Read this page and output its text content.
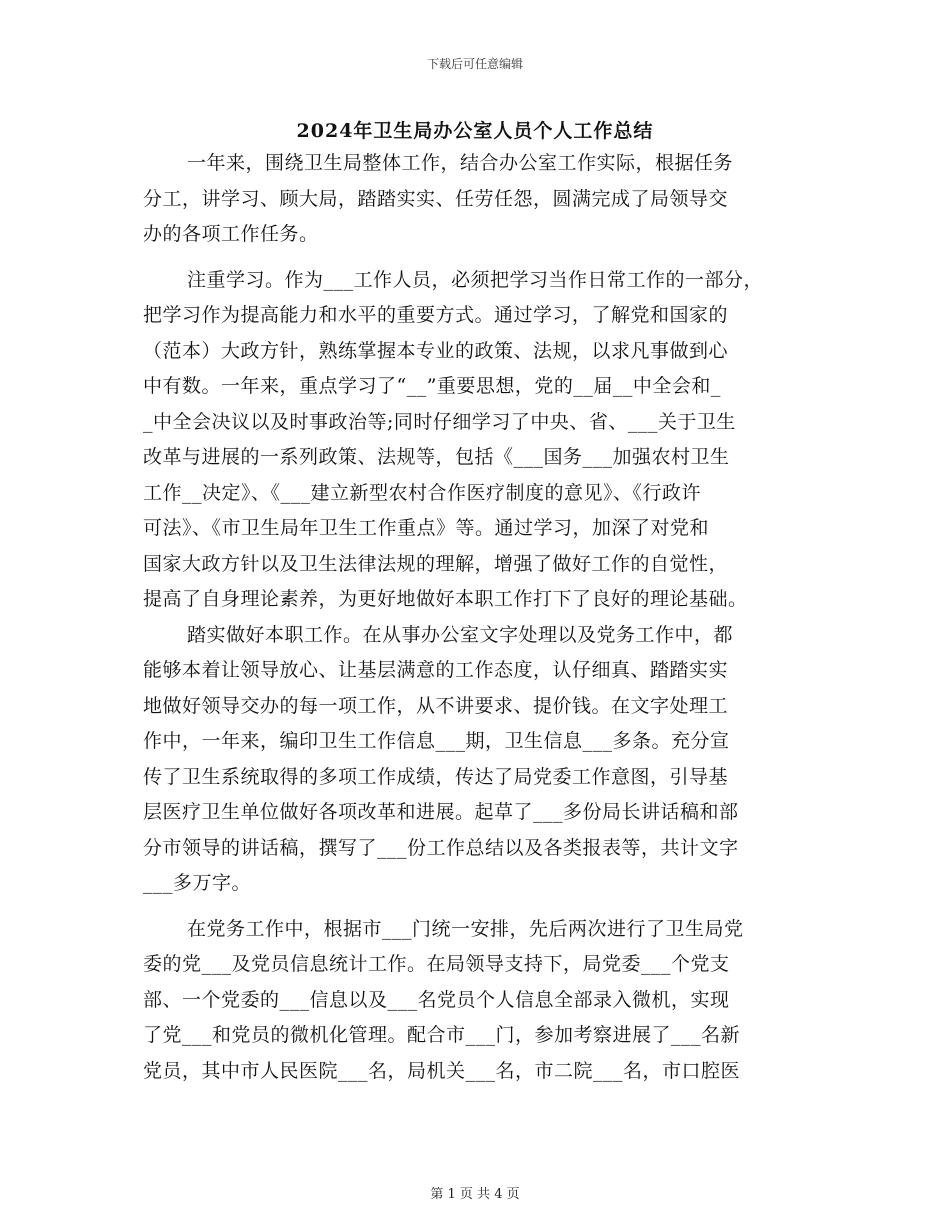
下载后可任意编辑
2024年卫生局办公室人员个人工作总结
一年来，围绕卫生局整体工作，结合办公室工作实际，根据任务
分工，讲学习、顾大局，踏踏实实、任劳任怨，圆满完成了局领导交
办的各项工作任务。
注重学习。作为___工作人员，必须把学习当作日常工作的一部分，
把学习作为提高能力和水平的重要方式。通过学习，了解党和国家的
（范本）大政方针，熟练掌握本专业的政策、法规，以求凡事做到心
中有数。一年来，重点学习了“__”重要思想，党的__届__中全会和_
_中全会决议以及时事政治等;同时仔细学习了中央、省、___关于卫生
改革与进展的一系列政策、法规等，包括《___国务___加强农村卫生
工作__决定》、《___建立新型农村合作医疗制度的意见》、《行政许
可法》、《市卫生局年卫生工作重点》等。通过学习，加深了对党和
国家大政方针以及卫生法律法规的理解，增强了做好工作的自觉性，
提高了自身理论素养，为更好地做好本职工作打下了良好的理论基础。
踏实做好本职工作。在从事办公室文字处理以及党务工作中，都
能够本着让领导放心、让基层满意的工作态度，认仔细真、踏踏实实
地做好领导交办的每一项工作，从不讲要求、提价钱。在文字处理工
作中，一年来，编印卫生工作信息___期，卫生信息___多条。充分宣
传了卫生系统取得的多项工作成绩，传达了局党委工作意图，引导基
层医疗卫生单位做好各项改革和进展。起草了___多份局长讲话稿和部
分市领导的讲话稿，撰写了___份工作总结以及各类报表等，共计文字
___多万字。
在党务工作中，根据市___门统一安排，先后两次进行了卫生局党
委的党___及党员信息统计工作。在局领导支持下，局党委___个党支
部、一个党委的___信息以及___名党员个人信息全部录入微机，实现
了党___和党员的微机化管理。配合市___门，参加考察进展了___名新
党员，其中市人民医院___名，局机关___名，市二院___名，市口腔医
第 1 页 共 4 页
